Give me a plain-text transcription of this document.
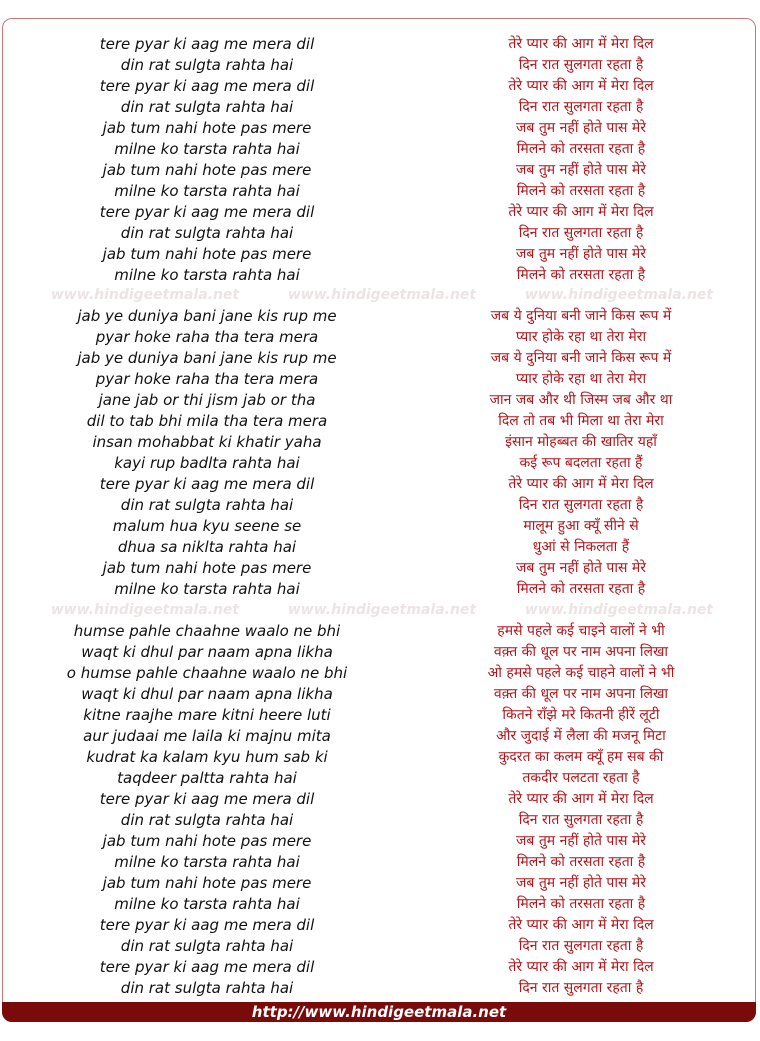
tere pyar ki aag me mera dil	तेरे प्यार की आग में मेरा दिल
din rat sulgta rahta hai	दिन रात सुलगता रहता है
tere pyar ki aag me mera dil	तेरे प्यार की आग में मेरा दिल
din rat sulgta rahta hai	दिन रात सुलगता रहता है
jab tum nahi hote pas mere	जब तुम नहीं होते पास मेरे
milne ko tarsta rahta hai	मिलने को तरसता रहता है
jab tum nahi hote pas mere	जब तुम नहीं होते पास मेरे
milne ko tarsta rahta hai	मिलने को तरसता रहता है
tere pyar ki aag me mera dil	तेरे प्यार की आग में मेरा दिल
din rat sulgta rahta hai	दिन रात सुलगता रहता है
jab tum nahi hote pas mere	जब तुम नहीं होते पास मेरे
milne ko tarsta rahta hai	मिलने को तरसता रहता है
jab ye duniya bani jane kis rup me	जब ये दुनिया बनी जाने किस रूप में
pyar hoke raha tha tera mera	प्यार होके रहा था तेरा मेरा
jab ye duniya bani jane kis rup me	जब ये दुनिया बनी जाने किस रूप में
pyar hoke raha tha tera mera	प्यार होके रहा था तेरा मेरा
jane jab or thi jism jab or tha	जान जब और थी जिस्म जब और था
dil to tab bhi mila tha tera mera	दिल तो तब भी मिला था तेरा मेरा
insan mohabbat ki khatir yaha	इंसान मोहब्बत की खातिर यहाँ
kayi rup badlta rahta hai	कई रूप बदलता रहता हैं
tere pyar ki aag me mera dil	तेरे प्यार की आग में मेरा दिल
din rat sulgta rahta hai	दिन रात सुलगता रहता है
malum hua kyu seene se	मालूम हुआ क्यूँ सीने से
dhua sa niklta rahta hai	धुआं से निकलता हैं
jab tum nahi hote pas mere	जब तुम नहीं होते पास मेरे
milne ko tarsta rahta hai	मिलने को तरसता रहता है
humse pahle chaahne waalo ne bhi	हमसे पहले कई चाइने वालों ने भी
waqt ki dhul par naam apna likha	वक़्त की धूल पर नाम अपना लिखा
o humse pahle chaahne waalo ne bhi	ओ हमसे पहले कई चाहने वालों ने भी
waqt ki dhul par naam apna likha	वक़्त की धूल पर नाम अपना लिखा
kitne raajhe mare kitni heere luti	कितने राँझे मरे कितनी हीरें लूटी
aur judaai me laila ki majnu mita	और जुदाई में लैला की मजनू मिटा
kudrat ka kalam kyu hum sab ki	कुदरत का कलम क्यूँ हम सब की
taqdeer paltta rahta hai	तकदीर पलटता रहता है
tere pyar ki aag me mera dil	तेरे प्यार की आग में मेरा दिल
din rat sulgta rahta hai	दिन रात सुलगता रहता है
jab tum nahi hote pas mere	जब तुम नहीं होते पास मेरे
milne ko tarsta rahta hai	मिलने को तरसता रहता है
jab tum nahi hote pas mere	जब तुम नहीं होते पास मेरे
milne ko tarsta rahta hai	मिलने को तरसता रहता है
tere pyar ki aag me mera dil	तेरे प्यार की आग में मेरा दिल
din rat sulgta rahta hai	दिन रात सुलगता रहता है
tere pyar ki aag me mera dil	तेरे प्यार की आग में मेरा दिल
din rat sulgta rahta hai	दिन रात सुलगता रहता है
www.hindigeetmala.net	www.hindigeetmala.net	www.hindigeetmala.net
www.hindigeetmala.net	www.hindigeetmala.net	www.hindigeetmala.net
http://www.hindigeetmala.net
